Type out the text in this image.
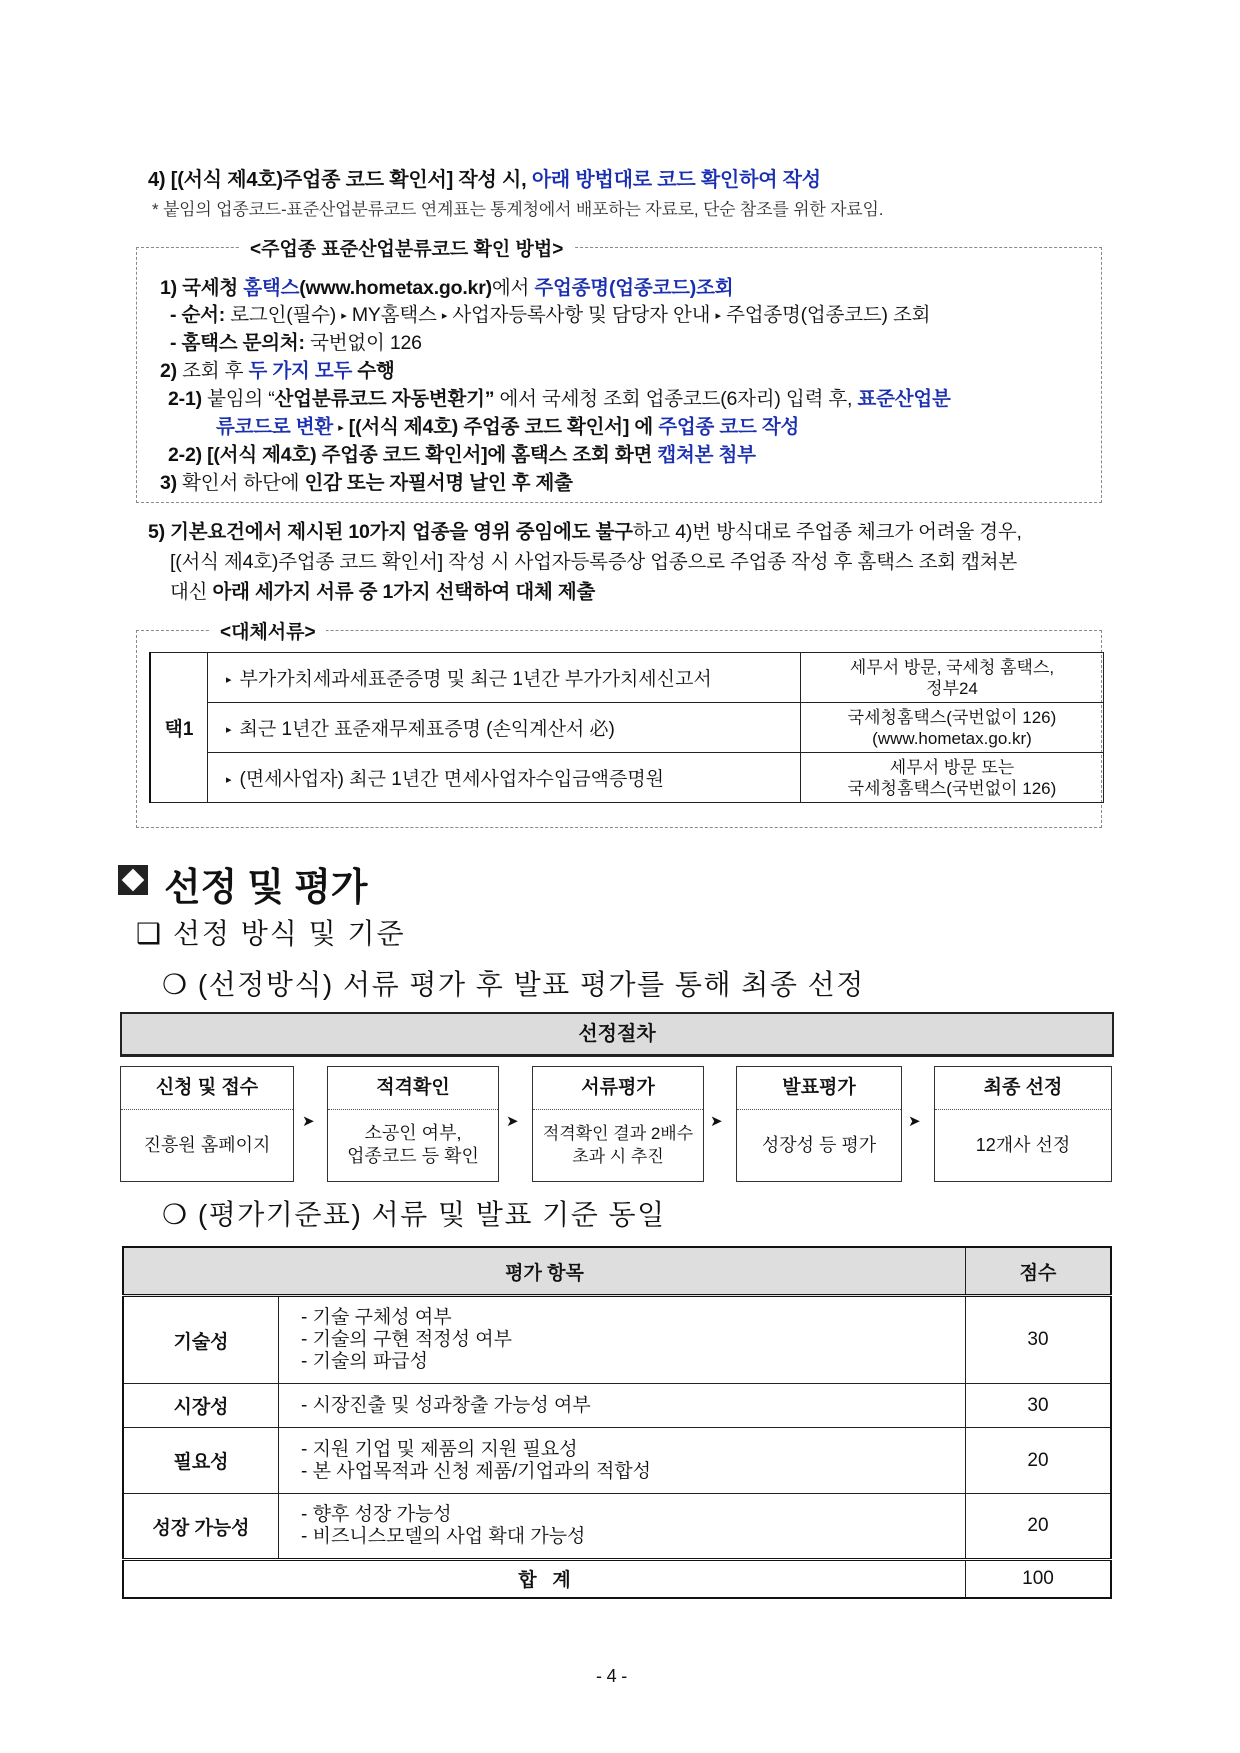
4) [(서식 제4호)주업종 코드 확인서] 작성 시, 아래 방법대로 코드 확인하여 작성
* 붙임의 업종코드-표준산업분류코드 연계표는 통계청에서 배포하는 자료로, 단순 참조를 위한 자료임.
<주업종 표준산업분류코드 확인 방법>
1) 국세청 홈택스(www.hometax.go.kr)에서 주업종명(업종코드)조회
- 순서: 로그인(필수) ▸ MY홈택스 ▸ 사업자등록사항 및 담당자 안내 ▸ 주업종명(업종코드) 조회
- 홈택스 문의처: 국번없이 126
2) 조회 후 두 가지 모두 수행
2-1) 붙임의 “산업분류코드 자동변환기” 에서 국세청 조회 업종코드(6자리) 입력 후, 표준산업분
류코드로 변환 ▸ [(서식 제4호) 주업종 코드 확인서] 에 주업종 코드 작성
2-2) [(서식 제4호) 주업종 코드 확인서]에 홈택스 조회 화면 캡쳐본 첨부
3) 확인서 하단에 인감 또는 자필서명 날인 후 제출
5) 기본요건에서 제시된 10가지 업종을 영위 중임에도 불구하고 4)번 방식대로 주업종 체크가 어려울 경우,
[(서식 제4호)주업종 코드 확인서] 작성 시 사업자등록증상 업종으로 주업종 작성 후 홈택스 조회 캡쳐본
대신 아래 세가지 서류 중 1가지 선택하여 대체 제출
<대체서류>
택1	▸ 부가가치세과세표준증명 및 최근 1년간 부가가치세신고서	세무서 방문, 국세청 홈택스,
정부24

	▸ 최근 1년간 표준재무제표증명 (손익계산서 必)	국세청홈택스(국번없이 126)
(www.hometax.go.kr)

	▸ (면세사업자) 최근 1년간 면세사업자수입금액증명원	세무서 방문 또는
국세청홈택스(국번없이 126)
선정 및 평가
❑ 선정 방식 및 기준
❍ (선정방식) 서류 평가 후 발표 평가를 통해 최종 선정
선정절차
신청 및 접수
진흥원 홈페이지
➤
적격확인
소공인 여부,
업종코드 등 확인
➤
서류평가
적격확인 결과 2배수
초과 시 추진
➤
발표평가
성장성 등 평가
➤
최종 선정
12개사 선정
❍ (평가기준표) 서류 및 발표 기준 동일
평가 항목		점수
기술성	- 기술 구체성 여부
- 기술의 구현 적정성 여부
- 기술의 파급성	30
시장성	- 시장진출 및 성과창출 가능성 여부	30
필요성	- 지원 기업 및 제품의 지원 필요성
- 본 사업목적과 신청 제품/기업과의 적합성	20
성장 가능성	- 향후 성장 가능성
- 비즈니스모델의 사업 확대 가능성	20
합   계		100
- 4 -
